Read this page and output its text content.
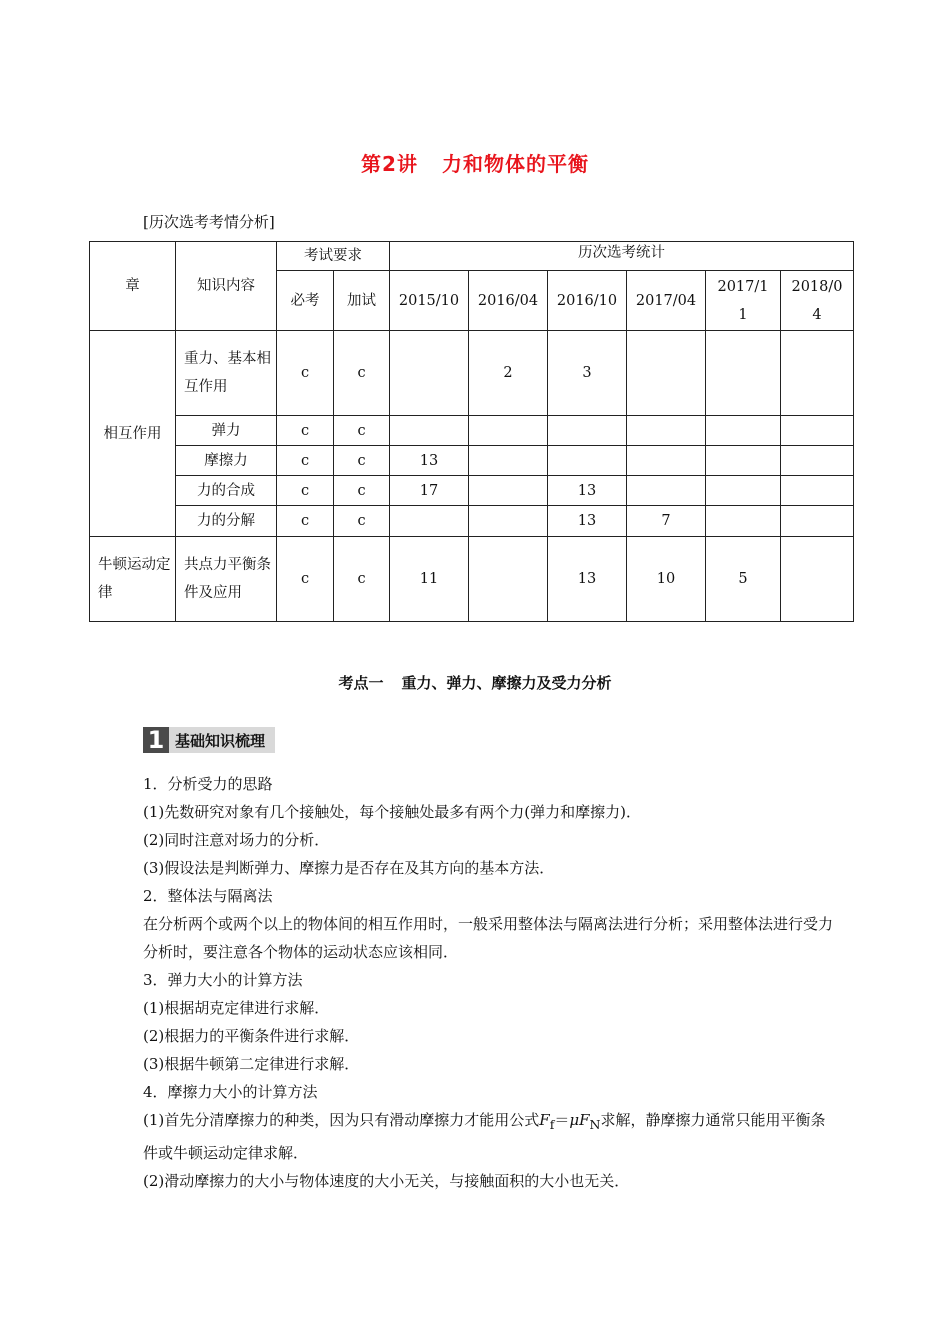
第2讲 力和物体的平衡
[历次选考考情分析]
章	知识内容	考试要求		历次选考统计					
		必考	加试	2015/10	2016/04	2016/10	2017/04	2017/11	2018/04
相互作用	重力、基本相互作用	c	c		2	3			
	弹力	c	c						
	摩擦力	c	c	13					
	力的合成	c	c	17		13			
	力的分解	c	c			13	7		
牛顿运动定律	共点力平衡条件及应用	c	c	11		13	10	5	
考点一 重力、弹力、摩擦力及受力分析
1 基础知识梳理

1．分析受力的思路

(1)先数研究对象有几个接触处，每个接触处最多有两个力(弹力和摩擦力)．

(2)同时注意对场力的分析．

(3)假设法是判断弹力、摩擦力是否存在及其方向的基本方法．

2．整体法与隔离法

在分析两个或两个以上的物体间的相互作用时，一般采用整体法与隔离法进行分析；采用整体法进行受力分析时，要注意各个物体的运动状态应该相同．

3．弹力大小的计算方法

(1)根据胡克定律进行求解．

(2)根据力的平衡条件进行求解．

(3)根据牛顿第二定律进行求解．

4．摩擦力大小的计算方法

(1)首先分清摩擦力的种类，因为只有滑动摩擦力才能用公式$F_f=\mu F_N$求解，静摩擦力通常只能用平衡条件或牛顿运动定律求解．

(2)滑动摩擦力的大小与物体速度的大小无关，与接触面积的大小也无关．
